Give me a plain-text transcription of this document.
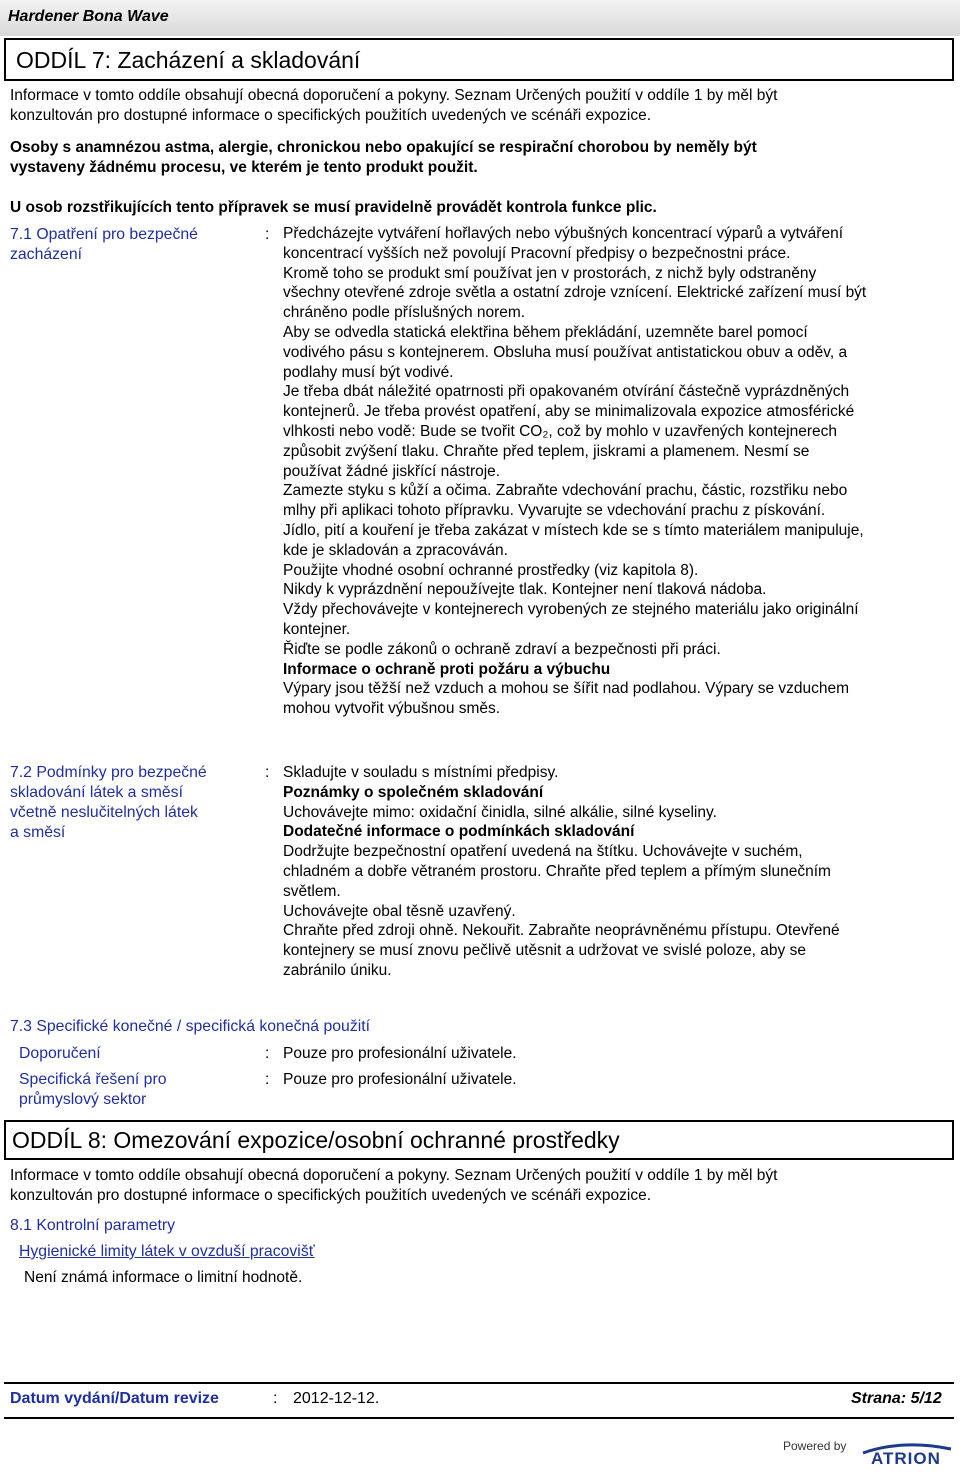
Hardener Bona Wave
ODDÍL 7: Zacházení a skladování
Informace v tomto oddíle obsahují obecná doporučení a pokyny. Seznam Určených použití v oddíle 1 by měl být
konzultován pro dostupné informace o specifických použitích uvedených ve scénáři expozice.
Osoby s anamnézou astma, alergie, chronickou nebo opakující se respirační chorobou by neměly být
vystaveny žádnému procesu, ve kterém je tento produkt použit.
U osob rozstřikujících tento přípravek se musí pravidelně provádět kontrola funkce plic.
7.1 Opatření pro bezpečné
zacházení
: Předcházejte vytváření hořlavých nebo výbušných koncentrací výparů a vytváření

koncentrací vyšších než povolují Pracovní předpisy o bezpečnostni práce.

Kromě toho se produkt smí používat jen v prostorách, z nichž byly odstraněny

všechny otevřené zdroje světla a ostatní zdroje vznícení. Elektrické zařízení musí být

chráněno podle příslušných norem.

Aby se odvedla statická elektřina během překládání, uzemněte barel pomocí

vodivého pásu s kontejnerem. Obsluha musí používat antistatickou obuv a oděv, a

podlahy musí být vodivé.

Je třeba dbát náležité opatrnosti při opakovaném otvírání částečně vyprázdněných

kontejnerů. Je třeba provést opatření, aby se minimalizovala expozice atmosférické

vlhkosti nebo vodě: Bude se tvořit CO₂, což by mohlo v uzavřených kontejnerech

způsobit zvýšení tlaku. Chraňte před teplem, jiskrami a plamenem. Nesmí se

používat žádné jiskřící nástroje.

Zamezte styku s kůží a očima. Zabraňte vdechování prachu, částic, rozstřiku nebo

mlhy při aplikaci tohoto přípravku. Vyvarujte se vdechování prachu z pískování.

Jídlo, pití a kouření je třeba zakázat v místech kde se s tímto materiálem manipuluje,

kde je skladován a zpracováván.

Použijte vhodné osobní ochranné prostředky (viz kapitola 8).

Nikdy k vyprázdnění nepoužívejte tlak. Kontejner není tlaková nádoba.

Vždy přechovávejte v kontejnerech vyrobených ze stejného materiálu jako originální

kontejner.

Řiďte se podle zákonů o ochraně zdraví a bezpečnosti při práci.

Informace o ochraně proti požáru a výbuchu

Výpary jsou těžší než vzduch a mohou se šířit nad podlahou. Výpary se vzduchem

mohou vytvořit výbušnou směs.

7.2 Podmínky pro bezpečné
skladování látek a směsí
včetně neslučitelných látek
a směsí
: Skladujte v souladu s místními předpisy.

Poznámky o společném skladování

Uchovávejte mimo: oxidační činidla, silné alkálie, silné kyseliny.

Dodatečné informace o podmínkách skladování

Dodržujte bezpečnostní opatření uvedená na štítku. Uchovávejte v suchém,

chladném a dobře větraném prostoru. Chraňte před teplem a přímým slunečním

světlem.

Uchovávejte obal těsně uzavřený.

Chraňte před zdroji ohně. Nekouřit. Zabraňte neoprávněnému přístupu. Otevřené

kontejnery se musí znovu pečlivě utěsnit a udržovat ve svislé poloze, aby se

zabránilo úniku.

7.3 Specifické konečné / specifická konečná použití
Doporučení	: Pouze pro profesionální uživatele.
Specifická řešení pro
průmyslový sektor
: Pouze pro profesionální uživatele.
ODDÍL 8: Omezování expozice/osobní ochranné prostředky
Informace v tomto oddíle obsahují obecná doporučení a pokyny. Seznam Určených použití v oddíle 1 by měl být
konzultován pro dostupné informace o specifických použitích uvedených ve scénáři expozice.
8.1 Kontrolní parametry
Hygienické limity látek v ovzduší pracovišť
Není známá informace o limitní hodnotě.
Datum vydání/Datum revize	: 2012-12-12.	Strana: 5/12
Powered by
ATRION
